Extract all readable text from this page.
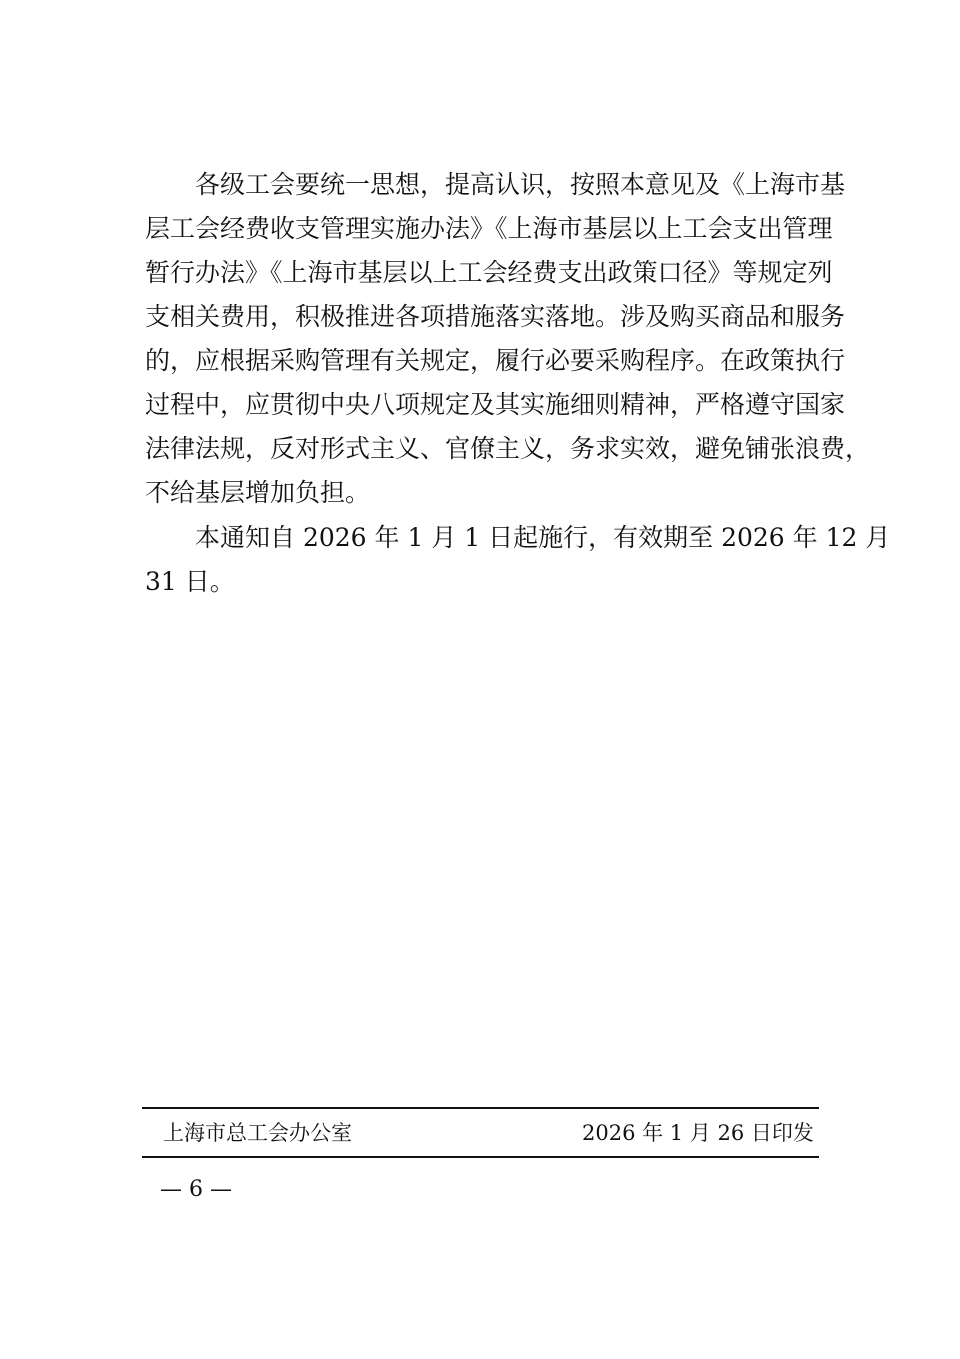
　　各级工会要统一思想，提高认识，按照本意见及《上海市基
层工会经费收支管理实施办法》《上海市基层以上工会支出管理
暂行办法》《上海市基层以上工会经费支出政策口径》等规定列
支相关费用，积极推进各项措施落实落地。涉及购买商品和服务
的，应根据采购管理有关规定，履行必要采购程序。在政策执行
过程中，应贯彻中央八项规定及其实施细则精神，严格遵守国家
法律法规，反对形式主义、官僚主义，务求实效，避免铺张浪费，
不给基层增加负担。
　　本通知自 2026 年 1 月 1 日起施行，有效期至 2026 年 12 月
31 日。
上海市总工会办公室	2026 年 1 月 26 日印发
— 6 —
